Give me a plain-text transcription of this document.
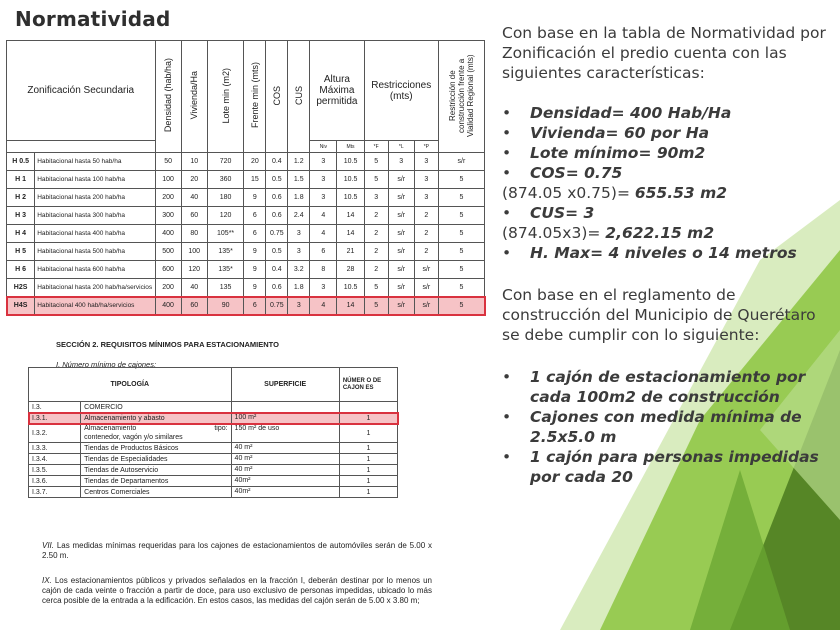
Normatividad
Zonificación Secundaria		Densidad (hab/ha)	Vivienda/Ha	Lote min (m2)	Frente min (mts)	COS	CUS	Altura Máxima permitida		Restricciones (mts)			Restricción de construcción frente a Vialidad Regional (mts)
								Niv	Mts	*F	*L	*P	
H 0.5	Habitacional hasta 50 hab/ha	50	10	720	20	0.4	1.2	3	10.5	5	3	3	s/r
H 1	Habitacional hasta 100 hab/ha	100	20	360	15	0.5	1.5	3	10.5	5	s/r	3	5
H 2	Habitacional hasta 200 hab/ha	200	40	180	9	0.6	1.8	3	10.5	3	s/r	3	5
H 3	Habitacional hasta 300 hab/ha	300	60	120	6	0.6	2.4	4	14	2	s/r	2	5
H 4	Habitacional hasta 400 hab/ha	400	80	105**	6	0.75	3	4	14	2	s/r	2	5
H 5	Habitacional hasta 500 hab/ha	500	100	135*	9	0.5	3	6	21	2	s/r	2	5
H 6	Habitacional hasta 600 hab/ha	600	120	135*	9	0.4	3.2	8	28	2	s/r	s/r	5
H2S	Habitacional hasta 200 hab/ha/servicios	200	40	135	9	0.6	1.8	3	10.5	5	s/r	s/r	5
H4S	Habitacional 400 hab/ha/servicios	400	60	90	6	0.75	3	4	14	5	s/r	s/r	5

SECCIÓN 2. REQUISITOS MÍNIMOS PARA ESTACIONAMIENTO

I. Número mínimo de cajones:

TIPOLOGÍA		SUPERFICIE	NÚMER O DE CAJON ES
I.3.	COMERCIO		
I.3.1.	Almacenamiento y abasto	100 m²	1
I.3.2.	Almacenamiento tipo:
contenedor, vagón y/o similares	150 m² de uso	1
I.3.3.	Tiendas de Productos Básicos	40 m²	1
I.3.4.	Tiendas de Especialidades	40 m²	1
I.3.5.	Tiendas de Autoservicio	40 m²	1
I.3.6.	Tiendas de Departamentos	40m²	1
I.3.7.	Centros Comerciales	40m²	1

VII. Las medidas mínimas requeridas para los cajones de estacionamientos de automóviles serán de 5.00 x 2.50 m.

IX. Los estacionamientos públicos y privados señalados en la fracción I, deberán destinar por lo menos un cajón de cada veinte o fracción a partir de doce, para uso exclusivo de personas impedidas, ubicado lo más cerca posible de la entrada a la edificación. En estos casos, las medidas del cajón serán de 5.00 x 3.80 m;

Con base en la tabla de Normatividad por Zonificación el predio cuenta con las siguientes características:

•	Densidad= 400 Hab/Ha

•	Vivienda= 60 por Ha

•	Lote mínimo= 90m2

•	COS= 0.75

(874.05 x0.75)= 655.53 m2

•	CUS= 3

(874.05x3)= 2,622.15 m2

•	H. Max= 4 niveles o 14 metros

Con base en el reglamento de construcción del Municipio de Querétaro se debe cumplir con lo siguiente:

•	1 cajón de estacionamiento por cada 100m2 de construcción

•	Cajones con medida mínima de 2.5x5.0 m

•	1 cajón para personas impedidas por cada 20
